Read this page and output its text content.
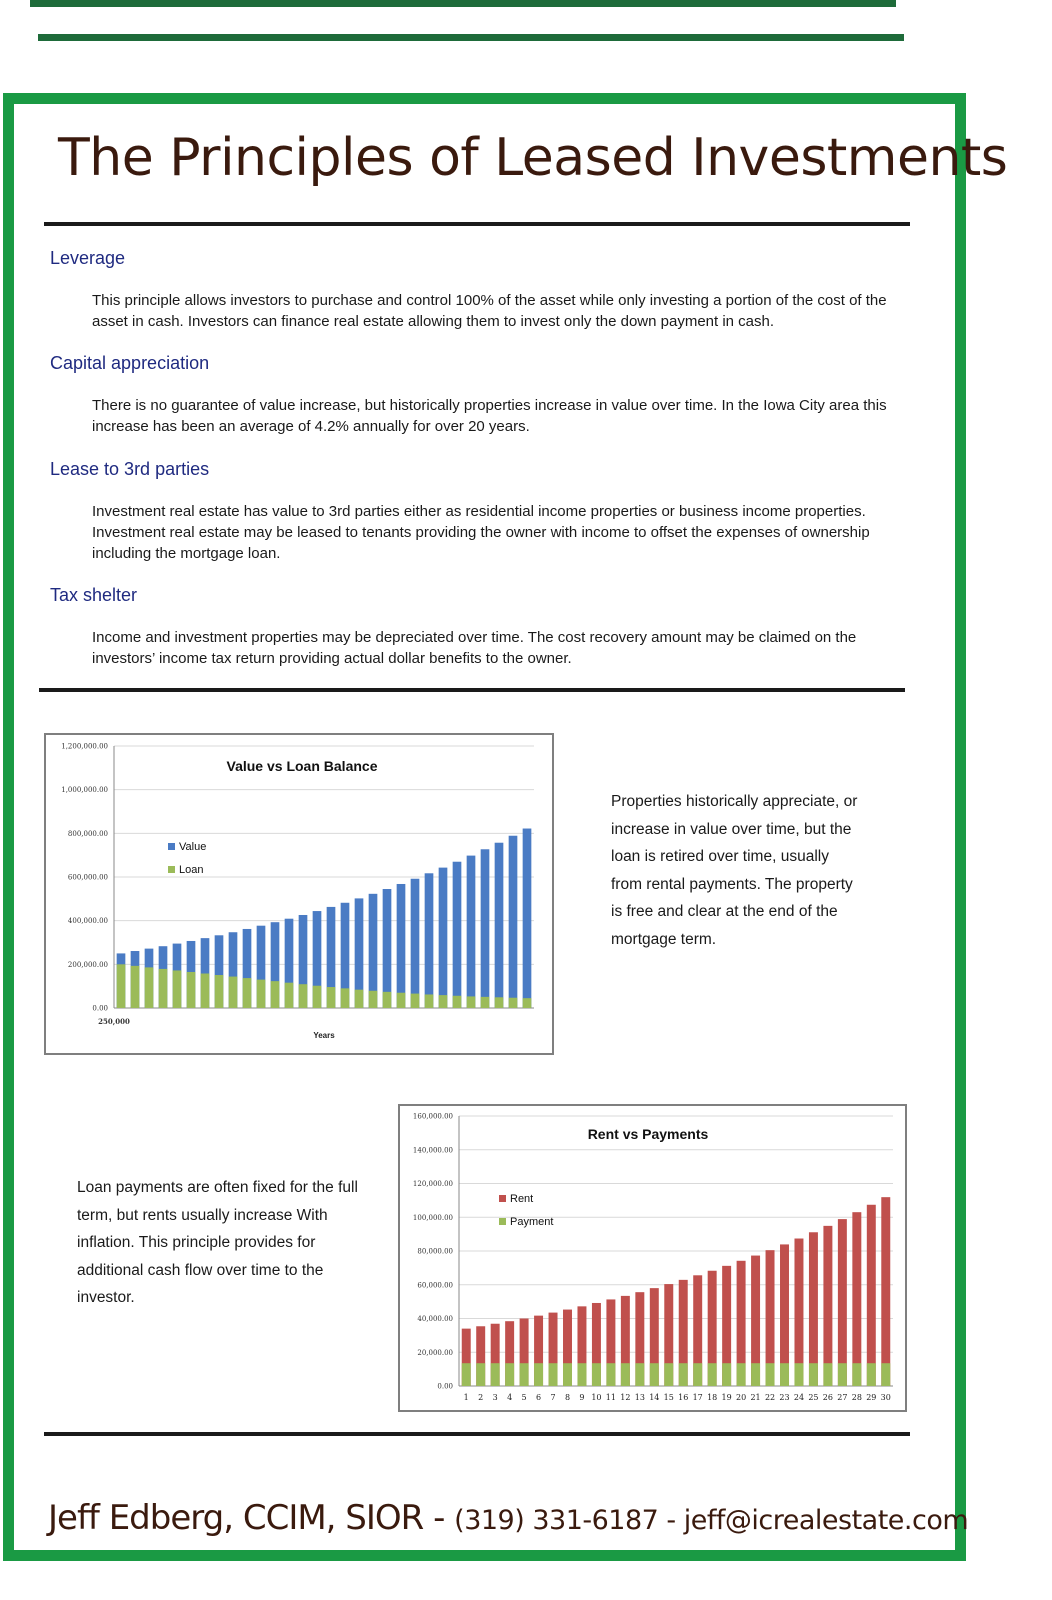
The Principles of Leased Investments
Leverage

This principle allows investors to purchase and control 100% of the asset while only investing a portion of the cost of the asset in cash. Investors can finance real estate allowing them to invest only the down payment in cash.

Capital appreciation

There is no guarantee of value increase, but historically properties increase in value over time. In the Iowa City area this increase has been an average of 4.2% annually for over 20 years.

Lease to 3rd parties

Investment real estate has value to 3rd parties either as residential income properties or business income properties. Investment real estate may be leased to tenants providing the owner with income to offset the expenses of ownership including the mortgage loan.

Tax shelter

Income and investment properties may be depreciated over time. The cost recovery amount may be claimed on the investors’ income tax return providing actual dollar benefits to the owner.

0.00
200,000.00
400,000.00
600,000.00
800,000.00
1,000,000.00
1,200,000.00
250,000
Value vs Loan Balance
Years
Value
Loan

Properties historically appreciate, or increase in value over time, but the loan is retired over time, usually from rental payments. The property is free and clear at the end of the mortgage term.

Loan payments are often fixed for the full term, but rents usually increase With inflation. This principle provides for additional cash flow over time to the investor.

0.00
20,000.00
40,000.00
60,000.00
80,000.00
100,000.00
120,000.00
140,000.00
160,000.00
1 2 3 4 5 6 7 8 9 10 11 12 13 14 15 16 17 18 19 20 21 22 23 24 25 26 27 28 29 30
Rent vs Payments
Rent
Payment
Jeff Edberg, CCIM, SIOR - (319) 331-6187 - jeff@icrealestate.com
